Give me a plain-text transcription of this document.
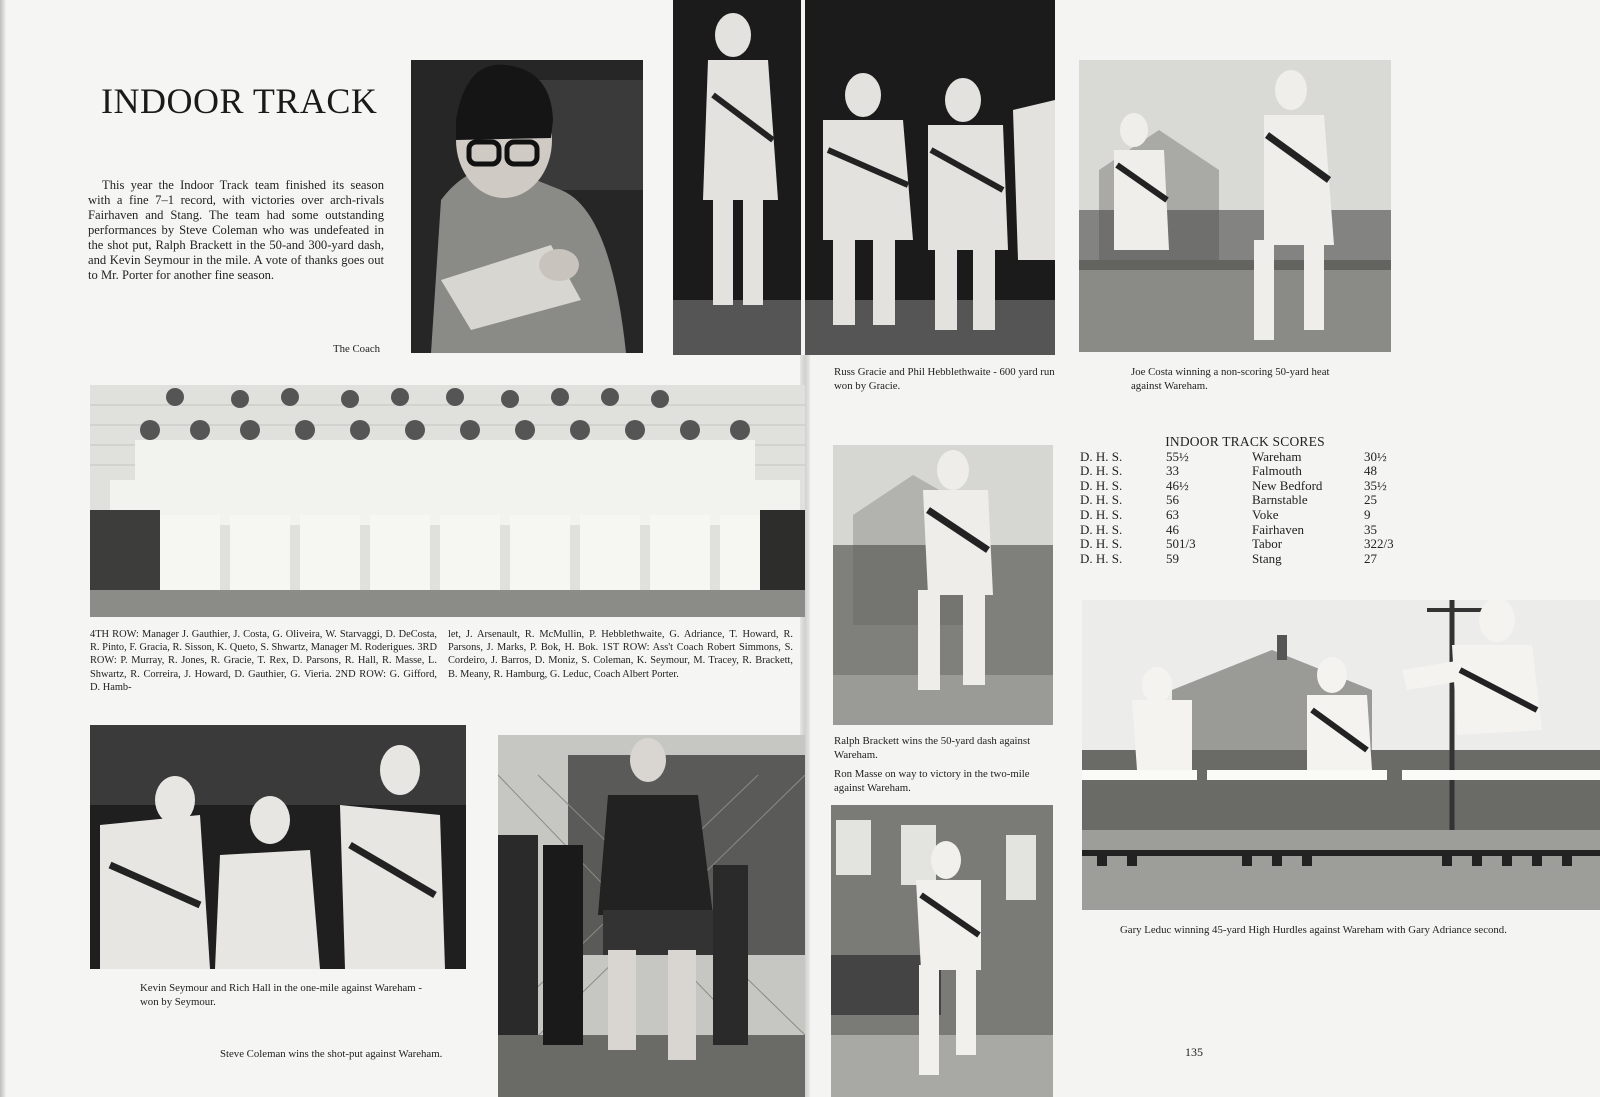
INDOOR TRACK

This year the Indoor Track team finished its season with a fine 7–1 record, with victories over arch-rivals Fairhaven and Stang. The team had some outstanding performances by Steve Coleman who was undefeated in the shot put, Ralph Brackett in the 50-and 300-yard dash, and Kevin Seymour in the mile. A vote of thanks goes out to Mr. Porter for another fine season.

The Coach

Russ Gracie and Phil Hebblethwaite - 600 yard run won by Gracie.

Joe Costa winning a non-scoring 50-yard heat against Wareham.

4TH ROW: Manager J. Gauthier, J. Costa, G. Oliveira, W. Starvaggi, D. DeCosta, R. Pinto, F. Gracia, R. Sisson, K. Queto, S. Shwartz, Manager M. Roderigues. 3RD ROW: P. Murray, R. Jones, R. Gracie, T. Rex, D. Parsons, R. Hall, R. Masse, L. Shwartz, R. Correira, J. Howard, D. Gauthier, G. Vieria. 2ND ROW: G. Gifford, D. Hamb-

let, J. Arsenault, R. McMullin, P. Hebblethwaite, G. Adriance, T. Howard, R. Parsons, J. Marks, P. Bok, H. Bok. 1ST ROW: Ass't Coach Robert Simmons, S. Cordeiro, J. Barros, D. Moniz, S. Coleman, K. Seymour, M. Tracey, R. Brackett, B. Meany, R. Hamburg, G. Leduc, Coach Albert Porter.

Kevin Seymour and Rich Hall in the one-mile against Wareham - won by Seymour.

Steve Coleman wins the shot-put against Wareham.

Ralph Brackett wins the 50-yard dash against Wareham.

Ron Masse on way to victory in the two-mile against Wareham.

INDOOR TRACK SCORES

D. H. S.	55½	Wareham	30½
D. H. S.	33	Falmouth	48
D. H. S.	46½	New Bedford	35½
D. H. S.	56	Barnstable	25
D. H. S.	63	Voke	9
D. H. S.	46	Fairhaven	35
D. H. S.	501/3	Tabor	322/3
D. H. S.	59	Stang	27

Gary Leduc winning 45-yard High Hurdles against Wareham with Gary Adriance second.

135
